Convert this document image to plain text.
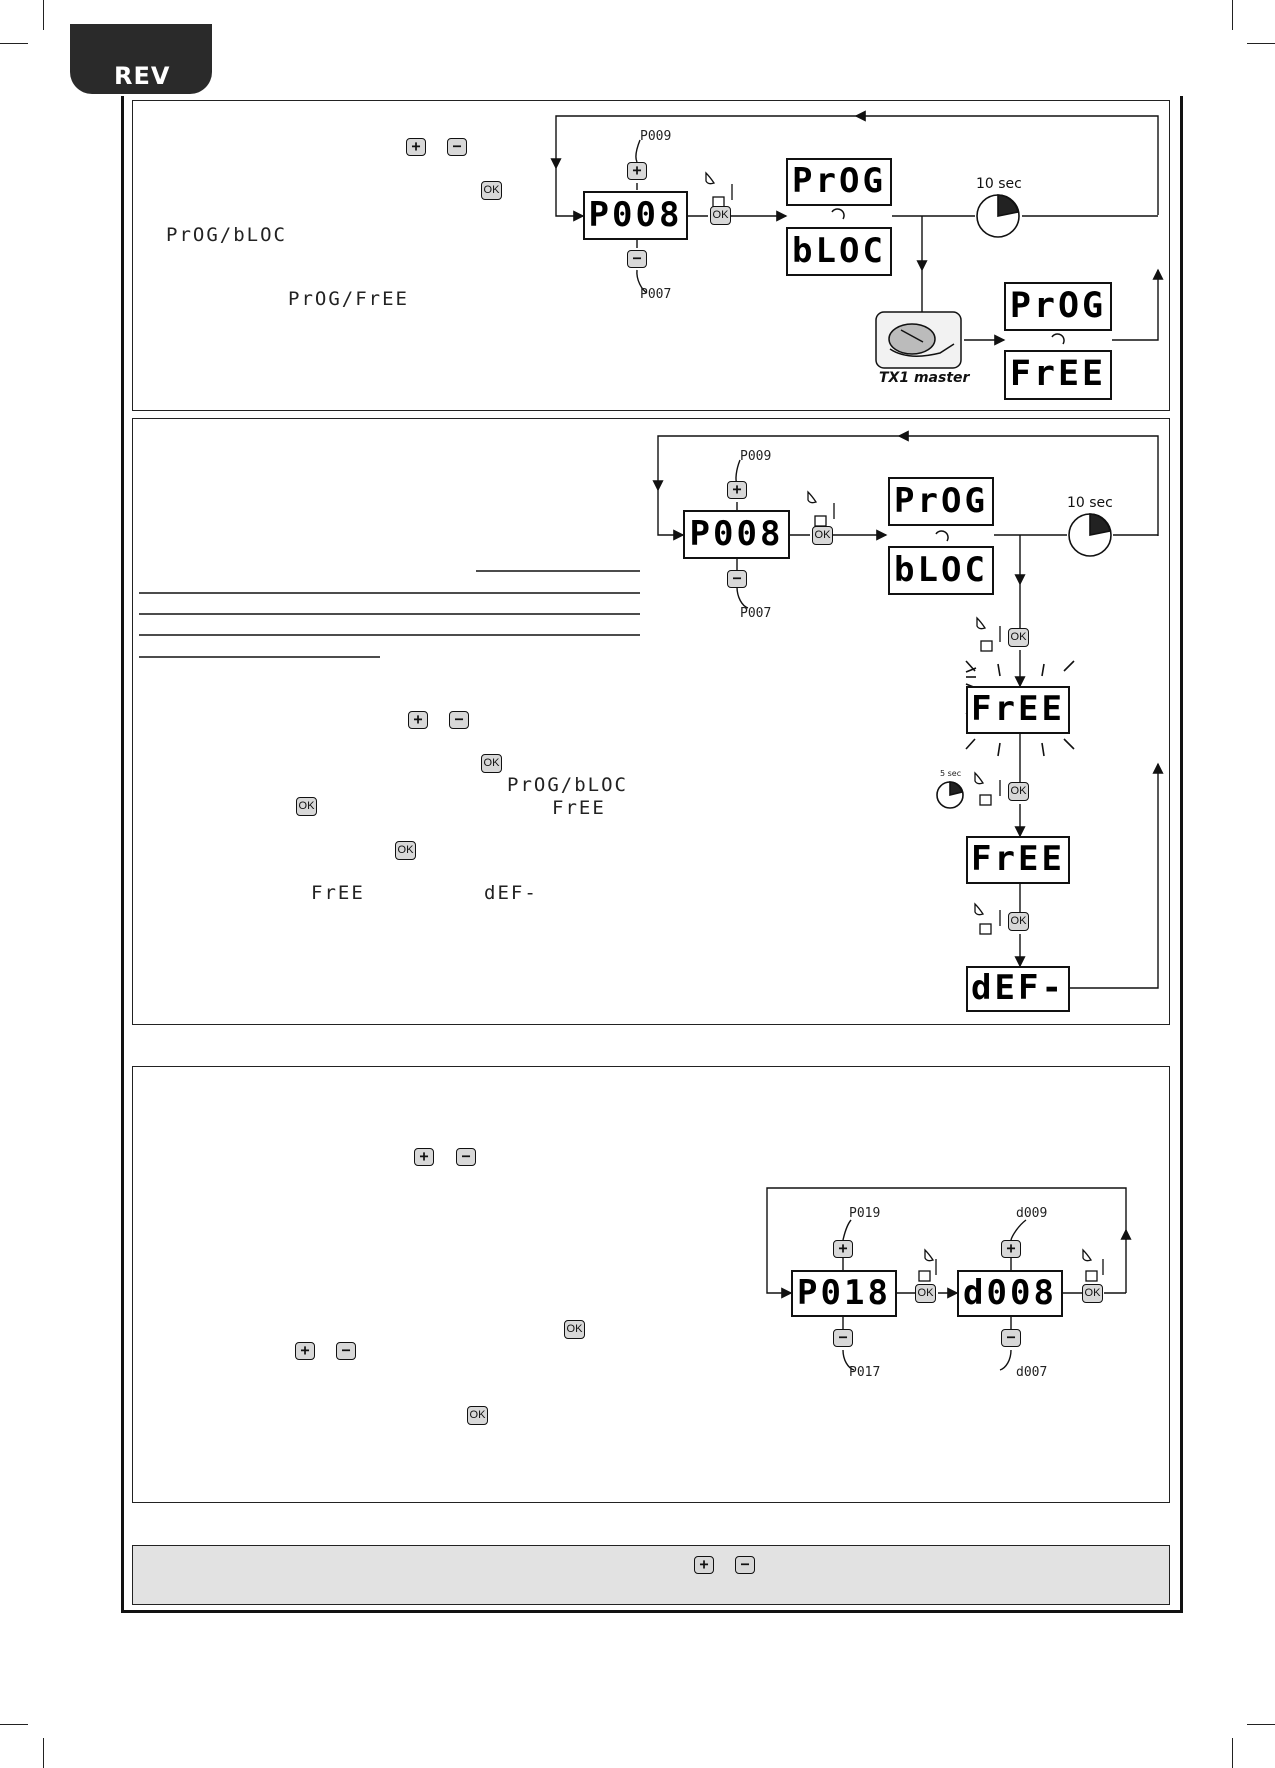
REV
+	−
OK
PrOG/bLOC
PrOG/FrEE
P009
+
P008
−
P007
OK
PrOG
bLOC
10 sec
TX1 master
PrOG
FrEE
P009
+
P008
−
P007
OK
PrOG
bLOC
10 sec
OK
FrEE
5 sec
OK
FrEE
OK
dEF-
+	−
OK
PrOG/bLOC
OK	FrEE
OK
FrEE	dEF-
+	−
OK
+	−
OK
P019
+
P018
−
P017
OK
d009
+
d008
−
d007
OK
+	−
